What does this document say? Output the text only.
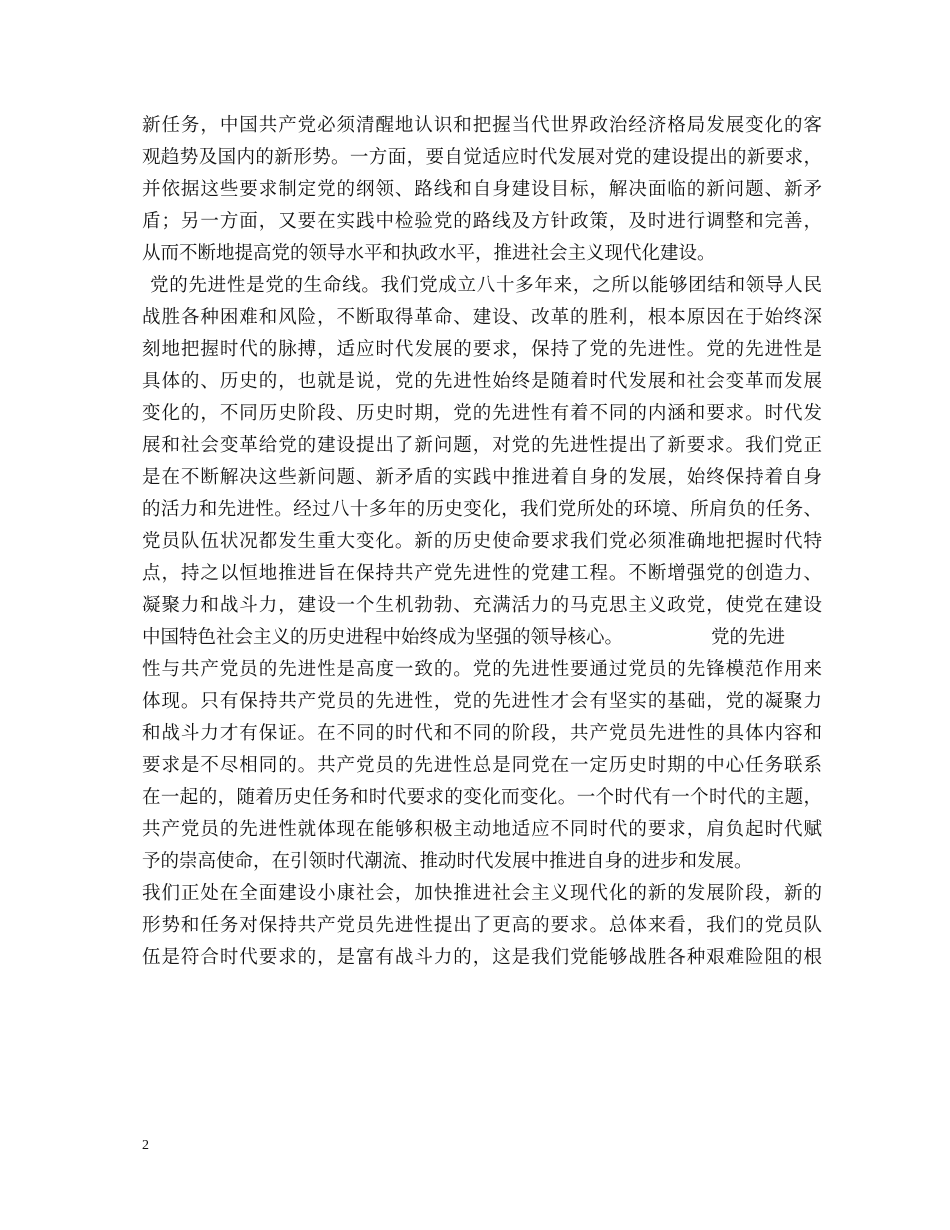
新任务，中国共产党必须清醒地认识和把握当代世界政治经济格局发展变化的客
观趋势及国内的新形势。一方面，要自觉适应时代发展对党的建设提出的新要求，
并依据这些要求制定党的纲领、路线和自身建设目标，解决面临的新问题、新矛
盾；另一方面，又要在实践中检验党的路线及方针政策，及时进行调整和完善，
从而不断地提高党的领导水平和执政水平，推进社会主义现代化建设。
党的先进性是党的生命线。我们党成立八十多年来，之所以能够团结和领导人民
战胜各种困难和风险，不断取得革命、建设、改革的胜利，根本原因在于始终深
刻地把握时代的脉搏，适应时代发展的要求，保持了党的先进性。党的先进性是
具体的、历史的，也就是说，党的先进性始终是随着时代发展和社会变革而发展
变化的，不同历史阶段、历史时期，党的先进性有着不同的内涵和要求。时代发
展和社会变革给党的建设提出了新问题，对党的先进性提出了新要求。我们党正
是在不断解决这些新问题、新矛盾的实践中推进着自身的发展，始终保持着自身
的活力和先进性。经过八十多年的历史变化，我们党所处的环境、所肩负的任务、
党员队伍状况都发生重大变化。新的历史使命要求我们党必须准确地把握时代特
点，持之以恒地推进旨在保持共产党先进性的党建工程。不断增强党的创造力、
凝聚力和战斗力，建设一个生机勃勃、充满活力的马克思主义政党，使党在建设
中国特色社会主义的历史进程中始终成为坚强的领导核心。	党的先进
性与共产党员的先进性是高度一致的。党的先进性要通过党员的先锋模范作用来
体现。只有保持共产党员的先进性，党的先进性才会有坚实的基础，党的凝聚力
和战斗力才有保证。在不同的时代和不同的阶段，共产党员先进性的具体内容和
要求是不尽相同的。共产党员的先进性总是同党在一定历史时期的中心任务联系
在一起的，随着历史任务和时代要求的变化而变化。一个时代有一个时代的主题，
共产党员的先进性就体现在能够积极主动地适应不同时代的要求，肩负起时代赋
予的崇高使命，在引领时代潮流、推动时代发展中推进自身的进步和发展。
我们正处在全面建设小康社会，加快推进社会主义现代化的新的发展阶段，新的
形势和任务对保持共产党员先进性提出了更高的要求。总体来看，我们的党员队
伍是符合时代要求的，是富有战斗力的，这是我们党能够战胜各种艰难险阻的根
2
